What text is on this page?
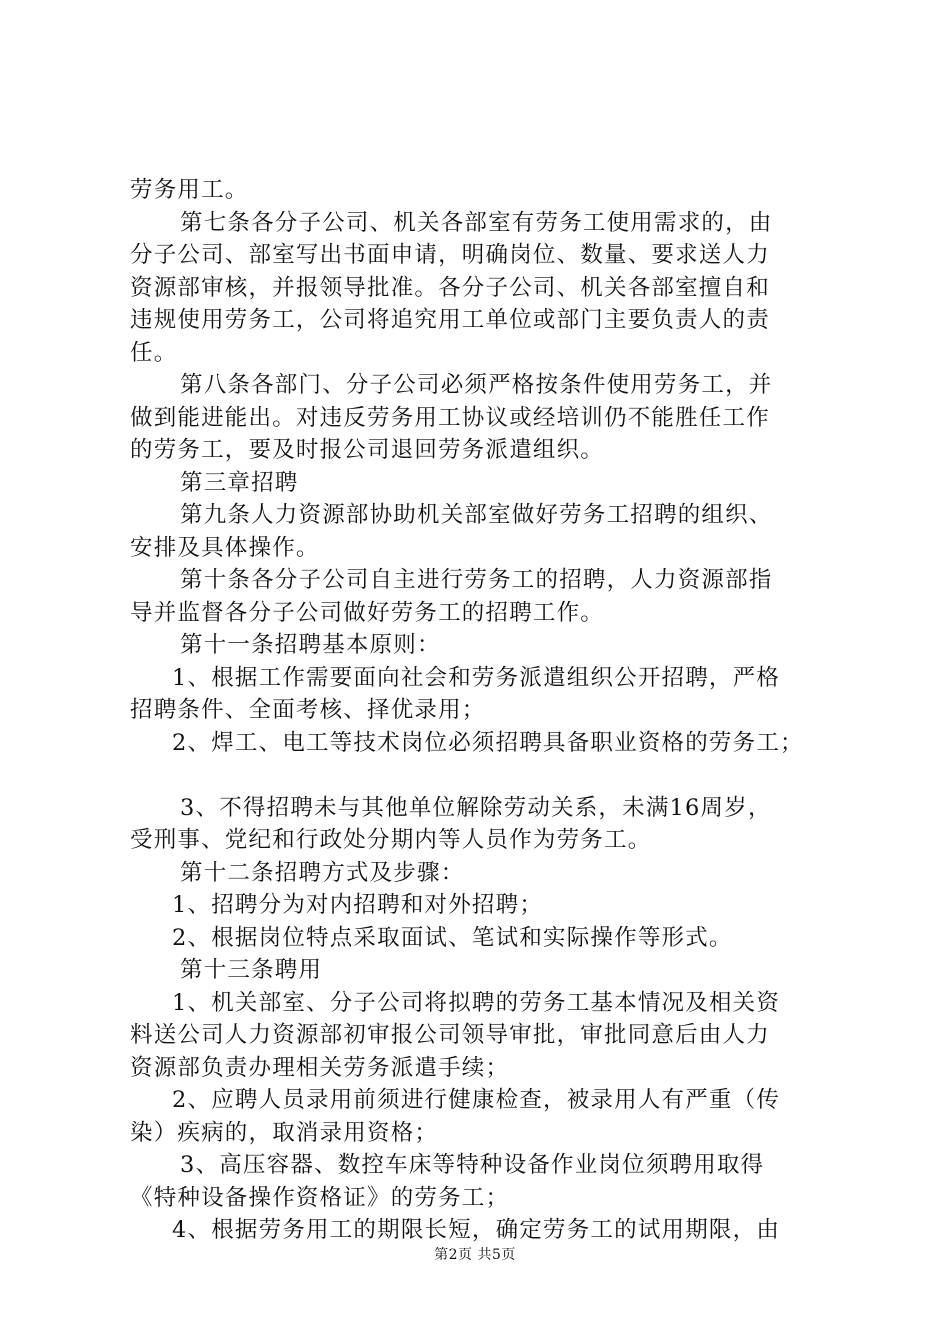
劳务用工。
第七条各分子公司、机关各部室有劳务工使用需求的，由
分子公司、部室写出书面申请，明确岗位、数量、要求送人力
资源部审核，并报领导批准。各分子公司、机关各部室擅自和
违规使用劳务工，公司将追究用工单位或部门主要负责人的责
任。
第八条各部门、分子公司必须严格按条件使用劳务工，并
做到能进能出。对违反劳务用工协议或经培训仍不能胜任工作
的劳务工，要及时报公司退回劳务派遣组织。
第三章招聘
第九条人力资源部协助机关部室做好劳务工招聘的组织、
安排及具体操作。
第十条各分子公司自主进行劳务工的招聘，人力资源部指
导并监督各分子公司做好劳务工的招聘工作。
第十一条招聘基本原则：
1、根据工作需要面向社会和劳务派遣组织公开招聘，严格
招聘条件、全面考核、择优录用；
2、焊工、电工等技术岗位必须招聘具备职业资格的劳务工；
3、不得招聘未与其他单位解除劳动关系，未满16周岁，
受刑事、党纪和行政处分期内等人员作为劳务工。
第十二条招聘方式及步骤：
1、招聘分为对内招聘和对外招聘；
2、根据岗位特点采取面试、笔试和实际操作等形式。
第十三条聘用
1、机关部室、分子公司将拟聘的劳务工基本情况及相关资
料送公司人力资源部初审报公司领导审批，审批同意后由人力
资源部负责办理相关劳务派遣手续；
2、应聘人员录用前须进行健康检查，被录用人有严重（传
染）疾病的，取消录用资格；
3、高压容器、数控车床等特种设备作业岗位须聘用取得
《特种设备操作资格证》的劳务工；
4、根据劳务用工的期限长短，确定劳务工的试用期限，由
第2页 共5页
